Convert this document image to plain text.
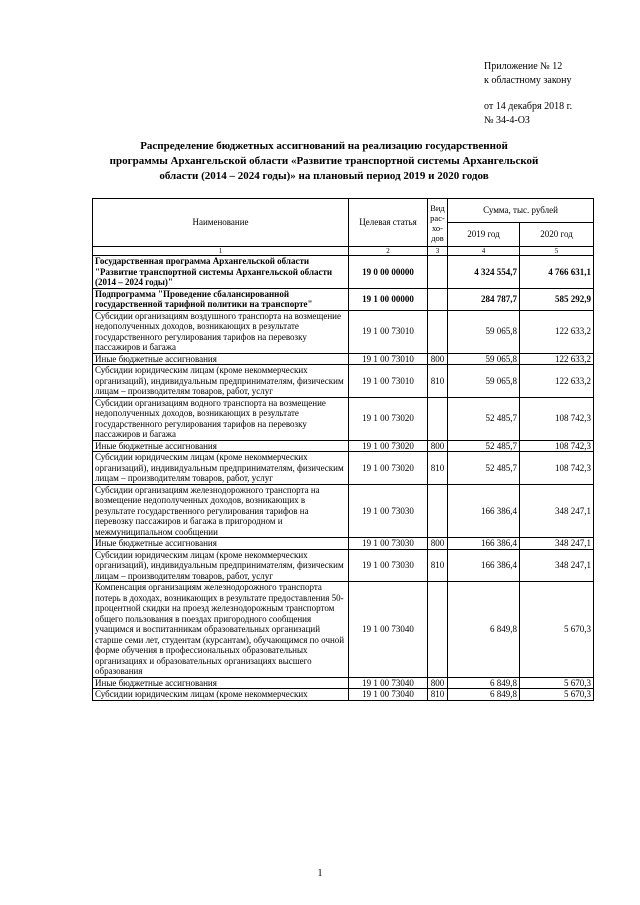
Приложение № 12
к областному закону
от 14 декабря 2018 г.
№ 34-4-ОЗ
Распределение бюджетных ассигнований на реализацию государственной
программы Архангельской области «Развитие транспортной системы Архангельской
области (2014 – 2024 годы)» на плановый период 2019 и 2020 годов
Наименование	Целевая статья	Вид рас-хо-дов	Сумма, тыс. рублей	
			2019 год	2020 год
1	2	3	4	5
Государственная программа Архангельской области "Развитие транспортной системы Архангельской области (2014 – 2024 годы)"	19 0 00 00000		4 324 554,7	4 766 631,1
Подпрограмма "Проведение сбалансированной государственной тарифной политики на транспорте"	19 1 00 00000		284 787,7	585 292,9
Субсидии организациям воздушного транспорта на возмещение недополученных доходов, возникающих в результате государственного регулирования тарифов на перевозку пассажиров и багажа	19 1 00 73010		59 065,8	122 633,2
Иные бюджетные ассигнования	19 1 00 73010	800	59 065,8	122 633,2
Субсидии юридическим лицам (кроме некоммерческих организаций), индивидуальным предпринимателям, физическим лицам – производителям товаров, работ, услуг	19 1 00 73010	810	59 065,8	122 633,2
Субсидии организациям водного транспорта на возмещение недополученных доходов, возникающих в результате государственного регулирования тарифов на перевозку пассажиров и багажа	19 1 00 73020		52 485,7	108 742,3
Иные бюджетные ассигнования	19 1 00 73020	800	52 485,7	108 742,3
Субсидии юридическим лицам (кроме некоммерческих организаций), индивидуальным предпринимателям, физическим лицам – производителям товаров, работ, услуг	19 1 00 73020	810	52 485,7	108 742,3
Субсидии организациям железнодорожного транспорта на возмещение недополученных доходов, возникающих в результате государственного регулирования тарифов на перевозку пассажиров и багажа в пригородном и межмуниципальном сообщении	19 1 00 73030		166 386,4	348 247,1
Иные бюджетные ассигнования	19 1 00 73030	800	166 386,4	348 247,1
Субсидии юридическим лицам (кроме некоммерческих организаций), индивидуальным предпринимателям, физическим лицам – производителям товаров, работ, услуг	19 1 00 73030	810	166 386,4	348 247,1
Компенсация организациям железнодорожного транспорта потерь в доходах, возникающих в результате предоставления 50-процентной скидки на проезд железнодорожным транспортом общего пользования в поездах пригородного сообщения учащимся и воспитанникам образовательных организаций старше семи лет, студентам (курсантам), обучающимся по очной форме обучения в профессиональных образовательных организациях и образовательных организациях высшего образования	19 1 00 73040		6 849,8	5 670,3
Иные бюджетные ассигнования	19 1 00 73040	800	6 849,8	5 670,3
Субсидии юридическим лицам (кроме некоммерческих	19 1 00 73040	810	6 849,8	5 670,3
1
